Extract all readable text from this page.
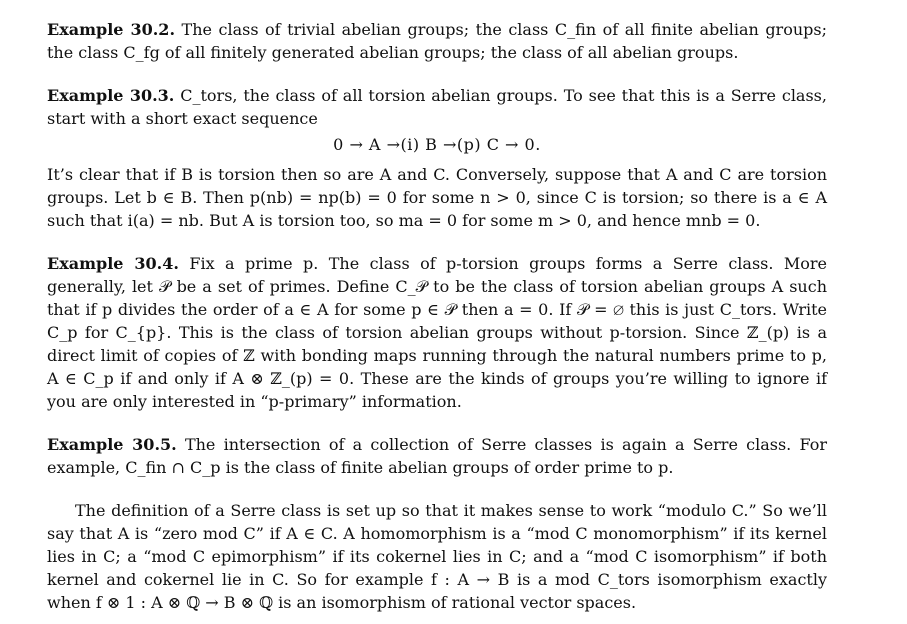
Example 30.2. The class of trivial abelian groups; the class C_fin of all finite abelian groups; the class C_fg of all finitely generated abelian groups; the class of all abelian groups.

Example 30.3. C_tors, the class of all torsion abelian groups. To see that this is a Serre class, start with a short exact sequence

0 → A →(i) B →(p) C → 0.

It’s clear that if B is torsion then so are A and C. Conversely, suppose that A and C are torsion groups. Let b ∈ B. Then p(nb) = np(b) = 0 for some n > 0, since C is torsion; so there is a ∈ A such that i(a) = nb. But A is torsion too, so ma = 0 for some m > 0, and hence mnb = 0.

Example 30.4. Fix a prime p. The class of p-torsion groups forms a Serre class. More generally, let 𝒫 be a set of primes. Define C_𝒫 to be the class of torsion abelian groups A such that if p divides the order of a ∈ A for some p ∈ 𝒫 then a = 0. If 𝒫 = ∅ this is just C_tors. Write C_p for C_{p}. This is the class of torsion abelian groups without p-torsion. Since ℤ_(p) is a direct limit of copies of ℤ with bonding maps running through the natural numbers prime to p, A ∈ C_p if and only if A ⊗ ℤ_(p) = 0. These are the kinds of groups you’re willing to ignore if you are only interested in “p-primary” information.

Example 30.5. The intersection of a collection of Serre classes is again a Serre class. For example, C_fin ∩ C_p is the class of finite abelian groups of order prime to p.

The definition of a Serre class is set up so that it makes sense to work “modulo C.” So we’ll say that A is “zero mod C” if A ∈ C. A homomorphism is a “mod C monomorphism” if its kernel lies in C; a “mod C epimorphism” if its cokernel lies in C; and a “mod C isomorphism” if both kernel and cokernel lie in C. So for example f : A → B is a mod C_tors isomorphism exactly when f ⊗ 1 : A ⊗ ℚ → B ⊗ ℚ is an isomorphism of rational vector spaces.
